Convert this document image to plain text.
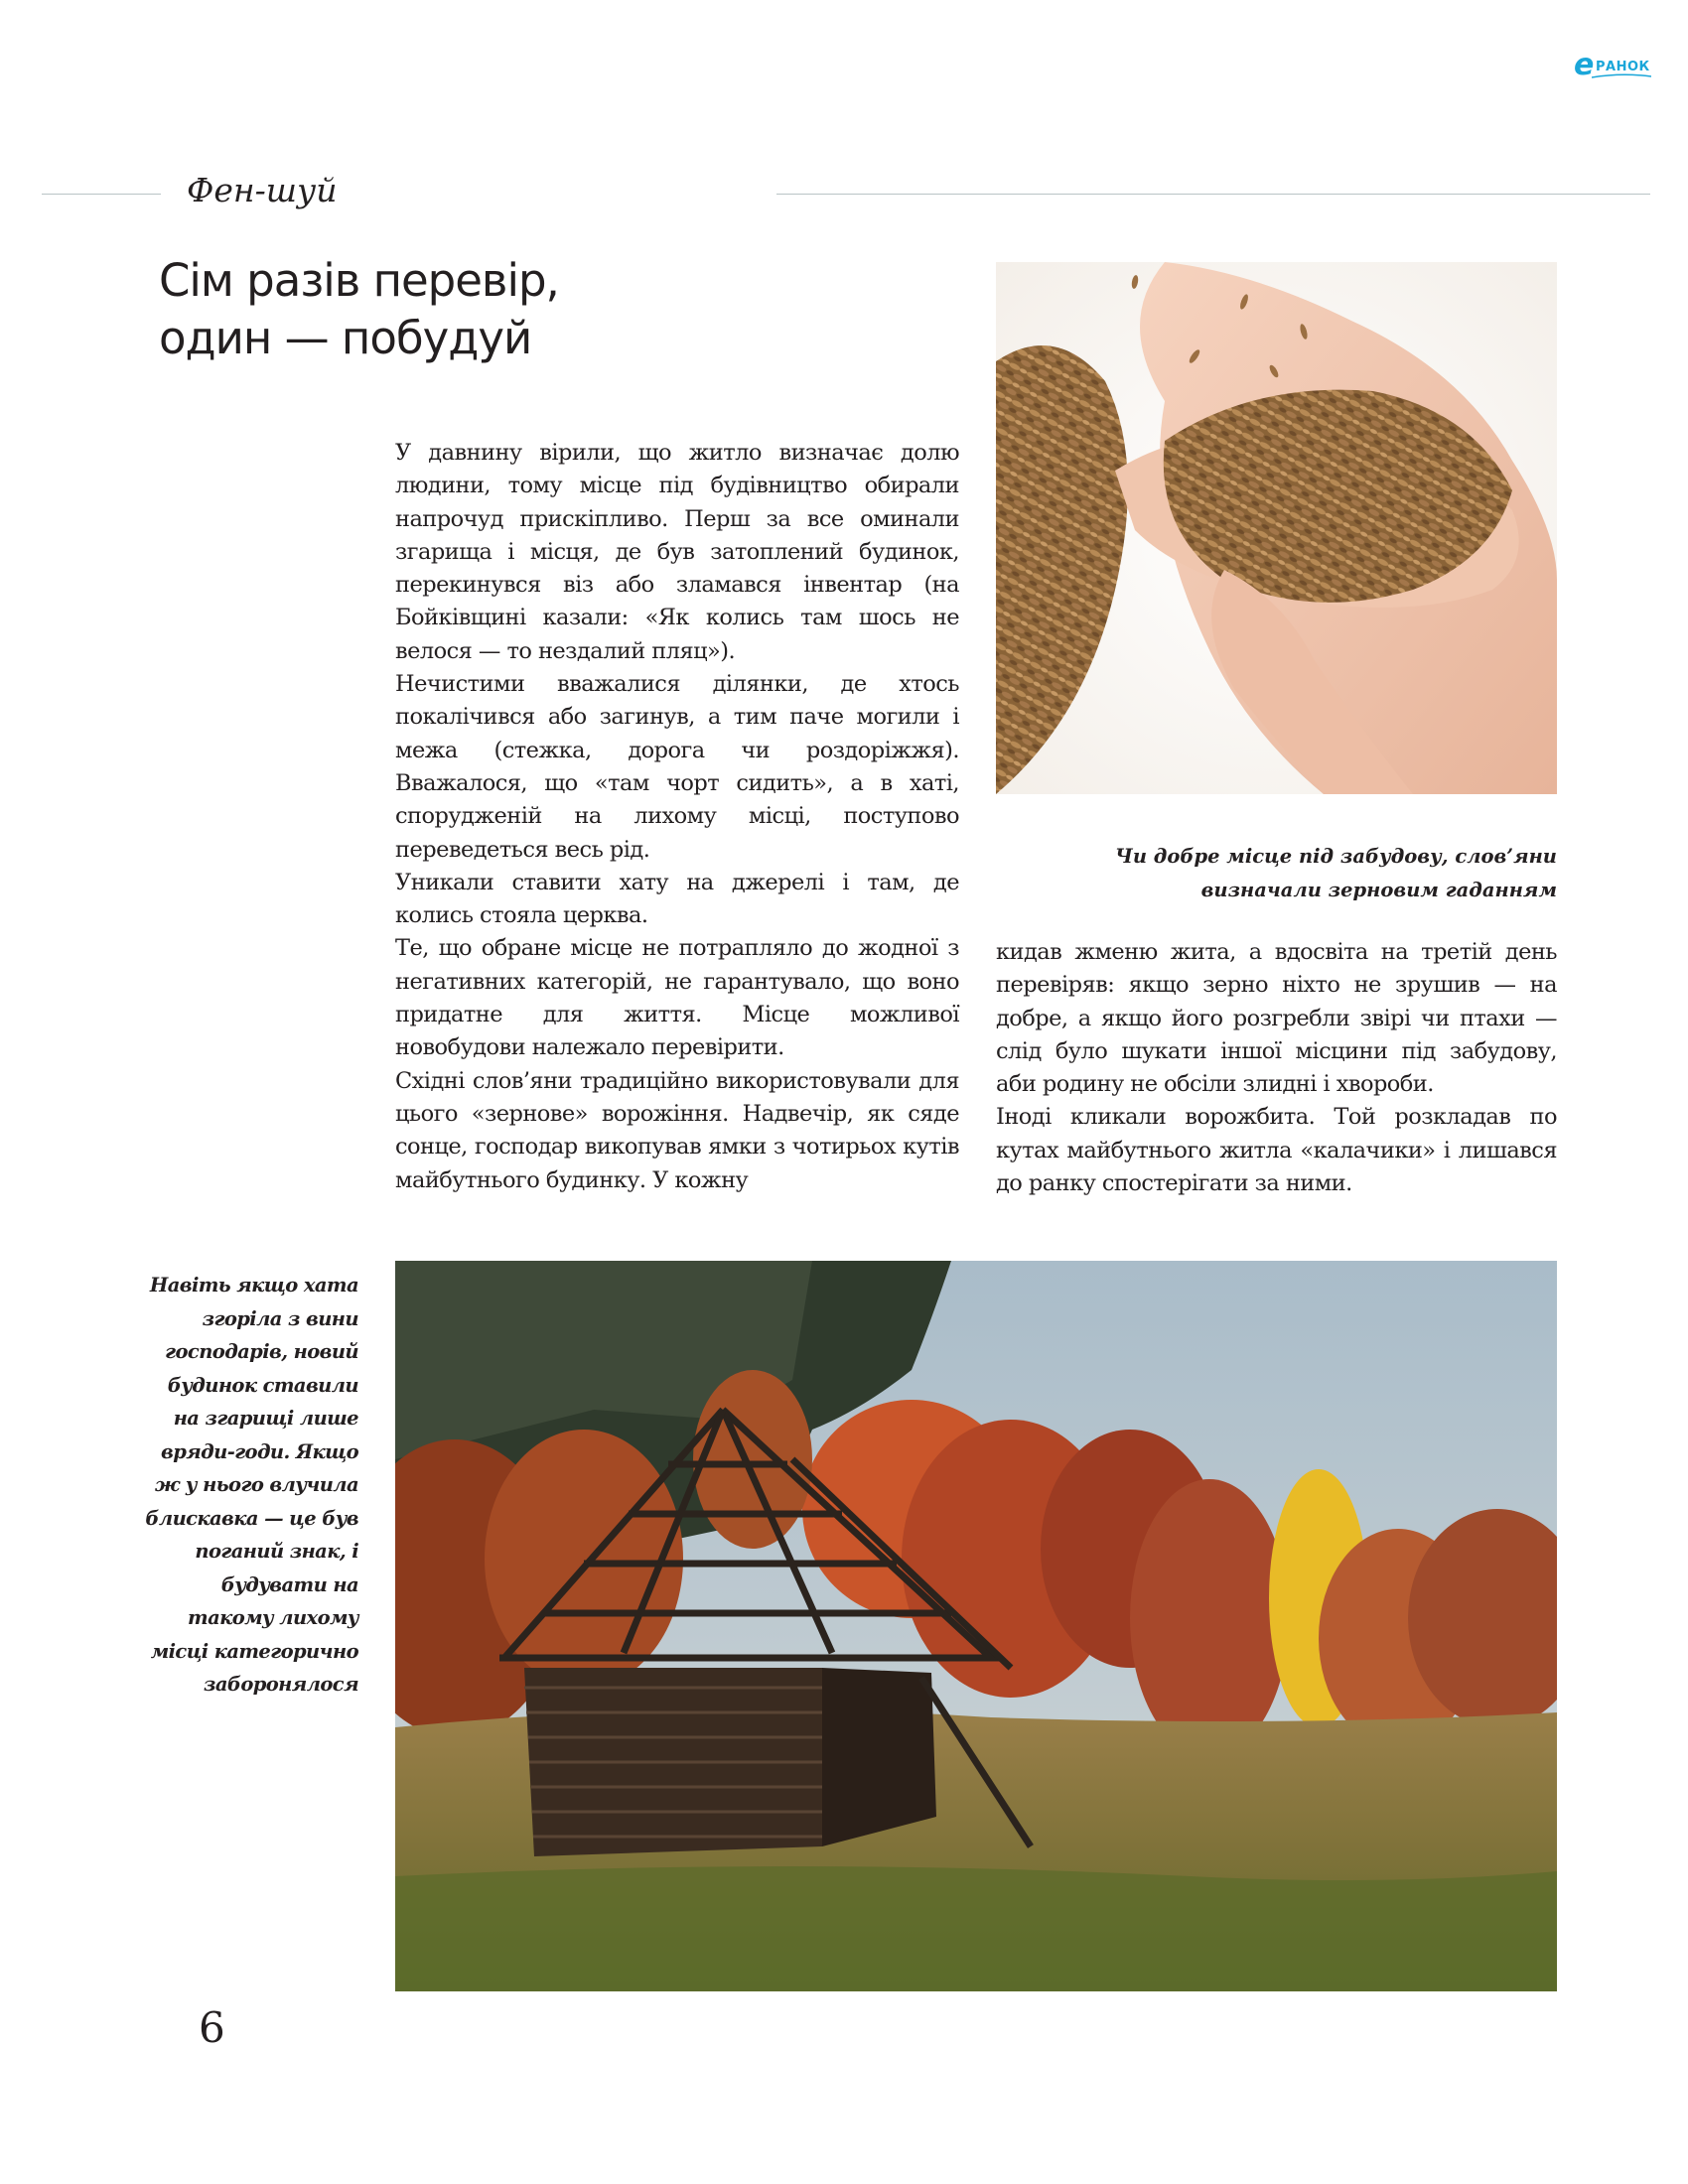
e РАНОК
Фен-шуй
Сім разів перевір,
один — побудуй
Чи добре місце під забудову, слов’яни визначали зерновим гаданням

У давнину вірили, що житло визначає долю людини, тому місце під будівництво обирали напрочуд прискіпливо. Перш за все оминали згарища і місця, де був затоплений будинок, перекинувся віз або зламався інвентар (на Бойківщині казали: «Як колись там шось не велося — то нездалий пляц»).

Нечистими вважалися ділянки, де хтось покалічився або загинув, а тим паче могили і межа (стежка, дорога чи роздоріжжя). Вважалося, що «там чорт сидить», а в хаті, спорудженій на лихому місці, поступово переведеться весь рід.

Уникали ставити хату на джерелі і там, де колись стояла церква.

Те, що обране місце не потрапляло до жодної з негативних категорій, не гарантувало, що воно придатне для життя. Місце можливої новобудови належало перевірити.

Східні слов’яни традиційно використовували для цього «зернове» ворожіння. Надвечір, як сяде сонце, господар викопував ямки з чотирьох кутів майбутнього будинку. У кожну

кидав жменю жита, а вдосвіта на третій день перевіряв: якщо зерно ніхто не зрушив — на добре, а якщо його розгребли звірі чи птахи — слід було шукати іншої місцини під забудову, аби родину не обсіли злидні і хвороби.

Іноді кликали ворожбита. Той розкладав по кутах майбутнього житла «калачики» і лишався до ранку спостерігати за ними.

Навіть якщо хата згоріла з вини господарів, новий будинок ставили на згарищі лише вряди-годи. Якщо ж у нього влучила блискавка — це був поганий знак, і будувати на такому лихому місці категорично заборонялося
6
